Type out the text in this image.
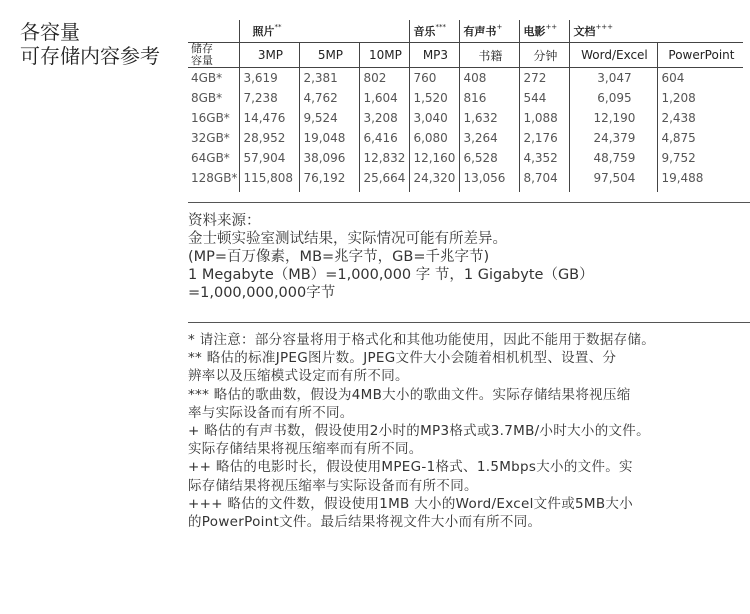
各容量
可存储内容参考
	照片**			音乐***	有声书+	电影++	文档+++

储存容量	3MP	5MP	10MP	MP3	书籍	分钟	Word/Excel	PowerPoint
4GB*	3,619	2,381	802	760	408	272	3,047	604
8GB*	7,238	4,762	1,604	1,520	816	544	6,095	1,208
16GB*	14,476	9,524	3,208	3,040	1,632	1,088	12,190	2,438
32GB*	28,952	19,048	6,416	6,080	3,264	2,176	24,379	4,875
64GB*	57,904	38,096	12,832	12,160	6,528	4,352	48,759	9,752
128GB*	115,808	76,192	25,664	24,320	13,056	8,704	97,504	19,488
资料来源：
金士顿实验室测试结果，实际情况可能有所差异。
(MP=百万像素，MB=兆字节，GB=千兆字节)
1 Megabyte（MB）=1,000,000 字 节，1 Gigabyte（GB）
=1,000,000,000字节
* 请注意：部分容量将用于格式化和其他功能使用，因此不能用于数据存储。
** 略估的标准JPEG图片数。JPEG文件大小会随着相机机型、设置、分
辨率以及压缩模式设定而有所不同。
*** 略估的歌曲数，假设为4MB大小的歌曲文件。实际存储结果将视压缩
率与实际设备而有所不同。
+ 略估的有声书数，假设使用2小时的MP3格式或3.7MB/小时大小的文件。
实际存储结果将视压缩率而有所不同。
++ 略估的电影时长，假设使用MPEG-1格式、1.5Mbps大小的文件。实
际存储结果将视压缩率与实际设备而有所不同。
+++ 略估的文件数，假设使用1MB 大小的Word/Excel文件或5MB大小
的PowerPoint文件。最后结果将视文件大小而有所不同。
